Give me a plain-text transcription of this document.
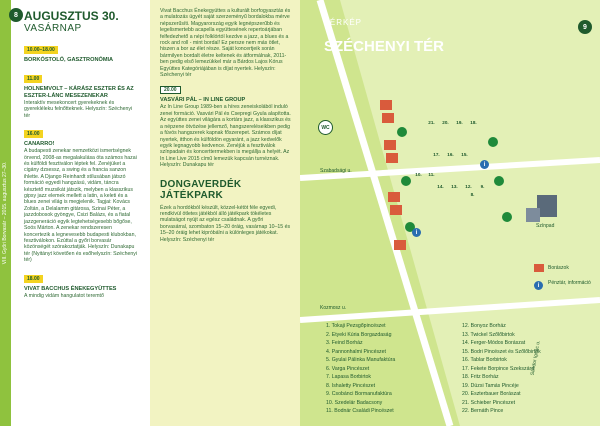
VIII. Győri Borvasár – 2015. augusztus 27–30.
8 AUGUSZTUS 30.
VASÁRNAP
10.00–18.00
BORKÓSTOLÓ, GASZTRONÓMIA
11.00
HOLNEMVOLT – KÁRÁSZ ESZTER ÉS AZ ESZTER-LÁNC MESEZENEKAR
Interaktív mesekoncert gyerekeknek és gyerekléleku felnőtteknek. Helyszín: Széchenyi tér
16.00
CANARRO!
A budapesti zenekar nemzetközi ismertségnek örvend, 2008-as megalakulása óta számos hazai és külföldi fesztiválon léptek fel. Zenéjüket a cigány dzsessz, a swing és a francia sanzon ihlette. A Django Reinhardt stílusában játszó formáció egyedi hangzású, vidám, táncra késztető muzsikát játszik, melyben a klasszikus gipsy jazz elemek mellett a latin, a keleti és a blues zenei világ is megjelenik. Tagjai: Kovács Zoltán, a Delalamm gitárosa, Szinai Péter, a jazzdobosok gyöngye, Csizi Balázs, és a fiatal jazzgeneráció egyik legtehetségesebb bőgőse, Soós Márton. A zenekar rendszeresen koncertezik a legnevesebb budapesti klubokban, fesztiválokon. Ezúttal a győri borvasár közönségét szórakoztatják. Helyszín: Dunakapu tér (Nyitányt követően és esőhelyszín: Széchenyi tér)
18.00
VIVAT BACCHUS ÉNEKEGYÜTTES
A mindig vidám hangulatot teremtő
Vivat Bacchus Énekegyüttes a kulturált borfogyasztás és a mulatozás ügyét saját szerzeményű bordalokba mérve népszerűsíti. Magyarország egyik legnépszerűbb és legelismertebb acapella együttesének repertoárjában felfedezhető a népi folklórtól kezdve a jazz, a blues és a rock and roll - mint bordal! Ez persze nem más ötlet, hiszen a bor az élet része. Saját koncertjeik során bármilyen bordalt életre keltenek és átformálnak, 2011-ben pedig első lemezükkel már a Bárdos Lajos Kórus Együttes Kategóriájában is díjat nyertek. Helyszín: Széchenyi tér
20.00
VASVÁRI PÁL – IN LINE GROUP
Az In Line Group 1989-ben a híres zeneiskolából induló zenei formáció. Vasvári Pál és Csepregi Gyula alapította. Az együttes zenei világára a kortárs jazz, a klasszikus és a népzene ötvözése jellemző, hangszereléseikben pedig a fúvós hangszerek kapnak főszerepet. Számos díjat nyertek, itthon és külföldön egyaránt, a jazz kedvelők egyik legnagyobb kedvence. Zenéjük a fesztiválok színpadain és koncerttermekben is megállja a helyét. Az In Line Live 2015 című lemezük kapcsán turnéznak. Helyszín: Dunakapu tér
DONGAVERDÉK JÁTÉKPARK
Ézek a hordókból készült, közzel-kétöt féle egyedi, rendkívül ötletes játékból álló játékpark tökéletes mulatságot nyújt az egész családnak. A győri borvasárral, szombaton 15–20 óráig, vasárnap 10–15 és 15–20 óráig lehet kipróbálni a különleges játékokat. Helyszín: Széchenyi tér
9
TÉRKÉP
SZÉCHENYI TÉR
Szabadsági u.
Kozmosz u.
Sándor Ignác u.
WC
21.	20.	19.	18.
17.	16.	15.
14.	13.	12.
11.
10.
9.
8.
i
i
Színpad
Borászok
i	Pénztár, információ
1. Tokaji Pezsgőpincészet
2. Etyeki Kúria Borgazdaság
3. Feind Borház
4. Pannonhalmi Pincészet
5. Gyulai Pálinka Manufaktúra
6. Varga Pincészet
7. Lapasa Borbirtok
8. Ishaletty Pincészet
9. Csobánci Bormanufaktúra
10. Szedelár Badacsony
11. Bodnár Családi Pincészet
12. Bonyoz Borház
13. Twickel Szőlőbirtok
14. Ferger-Módos Borászat
15. Bodri Pincészet és Szőlőbirtok
16. Tablar Borbirtok
17. Fekete Borpince Szekszárd
18. Fritz Borház
19. Dúzsi Tamás Pincéje
20. Eszterbauer Borászat
21. Schieber Pincészet
22. Bernáth Pince
